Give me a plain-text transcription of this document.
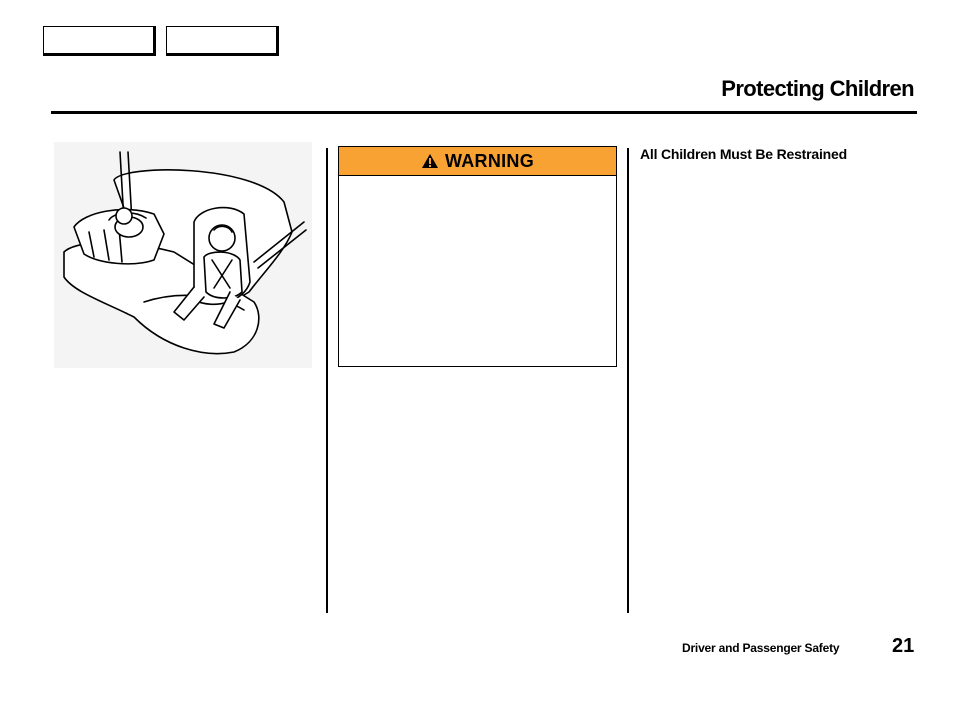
Protecting Children
WARNING	All Children Must Be Restrained
Driver and Passenger Safety	21
